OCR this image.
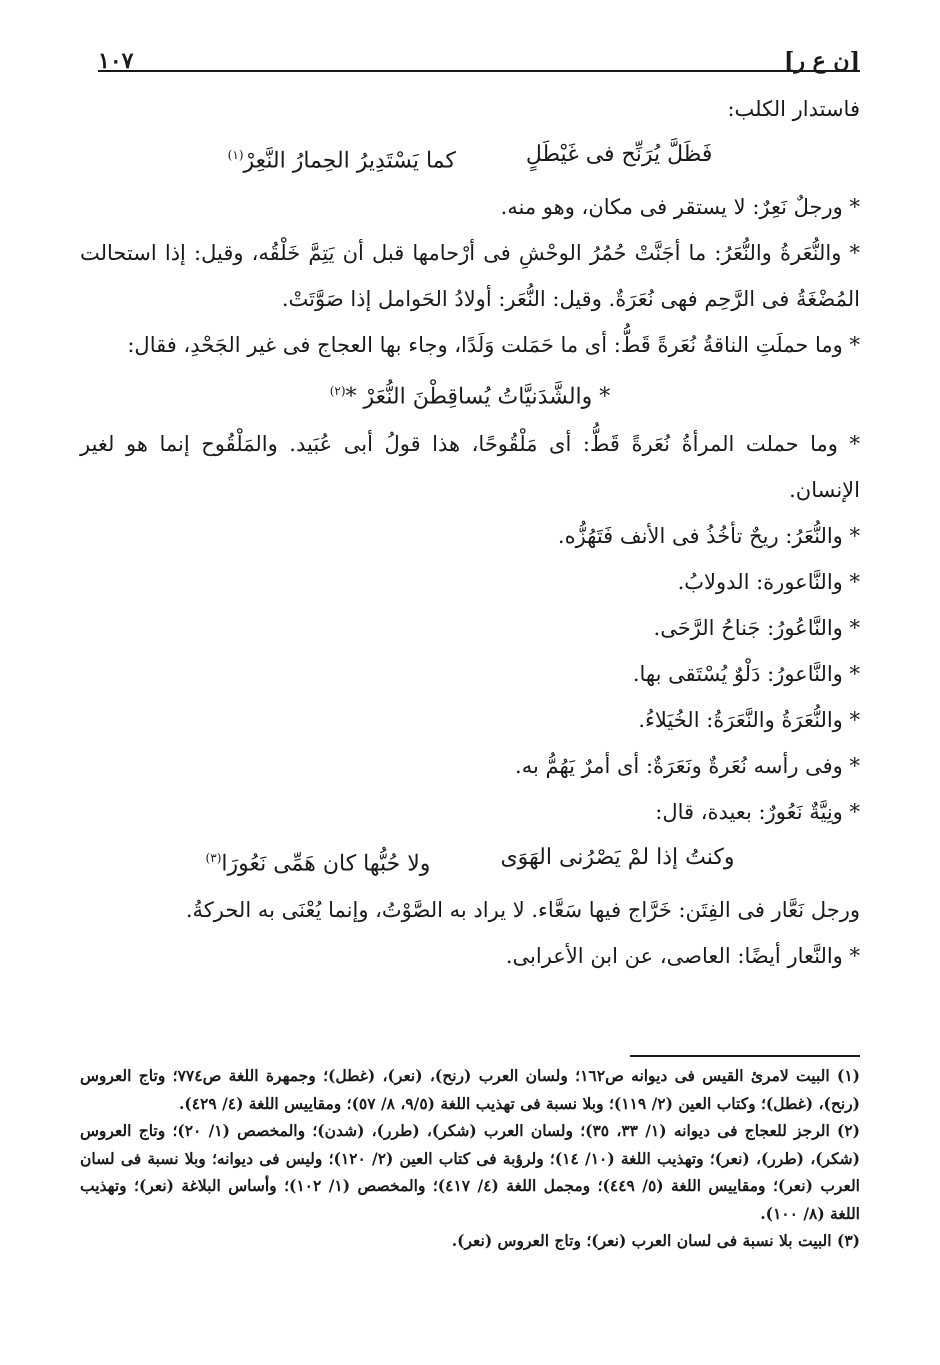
[ن ع ر]
١٠٧

فاستدار الكلب:

فَظَلَّ يُرَنِّح فى غَيْطَلٍ
كما يَسْتَدِيرُ الحِمارُ النَّعِرْ$^{(١)}$

* ورجلٌ نَعِرٌ: لا يستقر فى مكان، وهو منه.

* والنُّعَرةُ والنُّعَرُ: ما أجَنَّتْ حُمُرُ الوحْشِ فى أرْحامها قبل أن يَتِمَّ خَلْقُه، وقيل: إذا استحالت المُضْغَةُ فى الرَّحِم فهى نُعَرَةٌ. وقيل: النُّعَر: أولادُ الحَوامل إذا صَوَّتَتْ.

* وما حملَتِ الناقةُ نُعَرةً قَطُّ: أى ما حَمَلت وَلَدًا، وجاء بها العجاج فى غير الجَحْدِ، فقال:

* والشَّدَنيَّاتُ يُساقِطْنَ النُّعَرْ *$^{(٢)}$

* وما حملت المرأةُ نُعَرةً قَطُّ: أى مَلْقُوحًا، هذا قولُ أبى عُبَيد. والمَلْقُوح إنما هو لغير الإنسان.

* والنُّعَرُ: ريحٌ تأخُذُ فى الأنف فَتَهُزُّه.

* والنَّاعورة: الدولابُ.

* والنَّاعُورُ: جَناحُ الرَّحَى.

* والنَّاعورُ: دَلْوٌ يُسْتَقى بها.

* والنُّعَرَةُ والنَّعَرَةُ: الخُيَلاءُ.

* وفى رأسه نُعَرةٌ ونَعَرَةٌ: أى أمرٌ يَهُمُّ به.

* ونِيَّةٌ نَعُورٌ: بعيدة، قال:

وكنتُ إذا لمْ يَصْرُنى الهَوَى
ولا حُبُّها كان هَمِّى نَعُورَا$^{(٣)}$

ورجل نَعَّار فى الفِتَن: خَرَّاج فيها سَعَّاء. لا يراد به الصَّوْتُ، وإنما يُعْنَى به الحركةُ.

* والنَّعار أيضًا: العاصى، عن ابن الأعرابى.

(١) البيت لامرئ القيس فى ديوانه ص١٦٢؛ ولسان العرب (رنح)، (نعر)، (غطل)؛ وجمهرة اللغة ص٧٧٤؛ وتاج العروس (رنح)، (غطل)؛ وكتاب العين (٢/ ١١٩)؛ وبلا نسبة فى تهذيب اللغة (٩/٥، ٨/ ٥٧)؛ ومقاييس اللغة (٤/ ٤٢٩).

(٢) الرجز للعجاج فى ديوانه (١/ ٣٣، ٣٥)؛ ولسان العرب (شكر)، (طرر)، (شدن)؛ والمخصص (١/ ٢٠)؛ وتاج العروس (شكر)، (طرر)، (نعر)؛ وتهذيب اللغة (١٠/ ١٤)؛ ولرؤبة فى كتاب العين (٢/ ١٢٠)؛ وليس فى ديوانه؛ وبلا نسبة فى لسان العرب (نعر)؛ ومقاييس اللغة (٥/ ٤٤٩)؛ ومجمل اللغة (٤/ ٤١٧)؛ والمخصص (١/ ١٠٢)؛ وأساس البلاغة (نعر)؛ وتهذيب اللغة (٨/ ١٠٠).

(٣) البيت بلا نسبة فى لسان العرب (نعر)؛ وتاج العروس (نعر).
